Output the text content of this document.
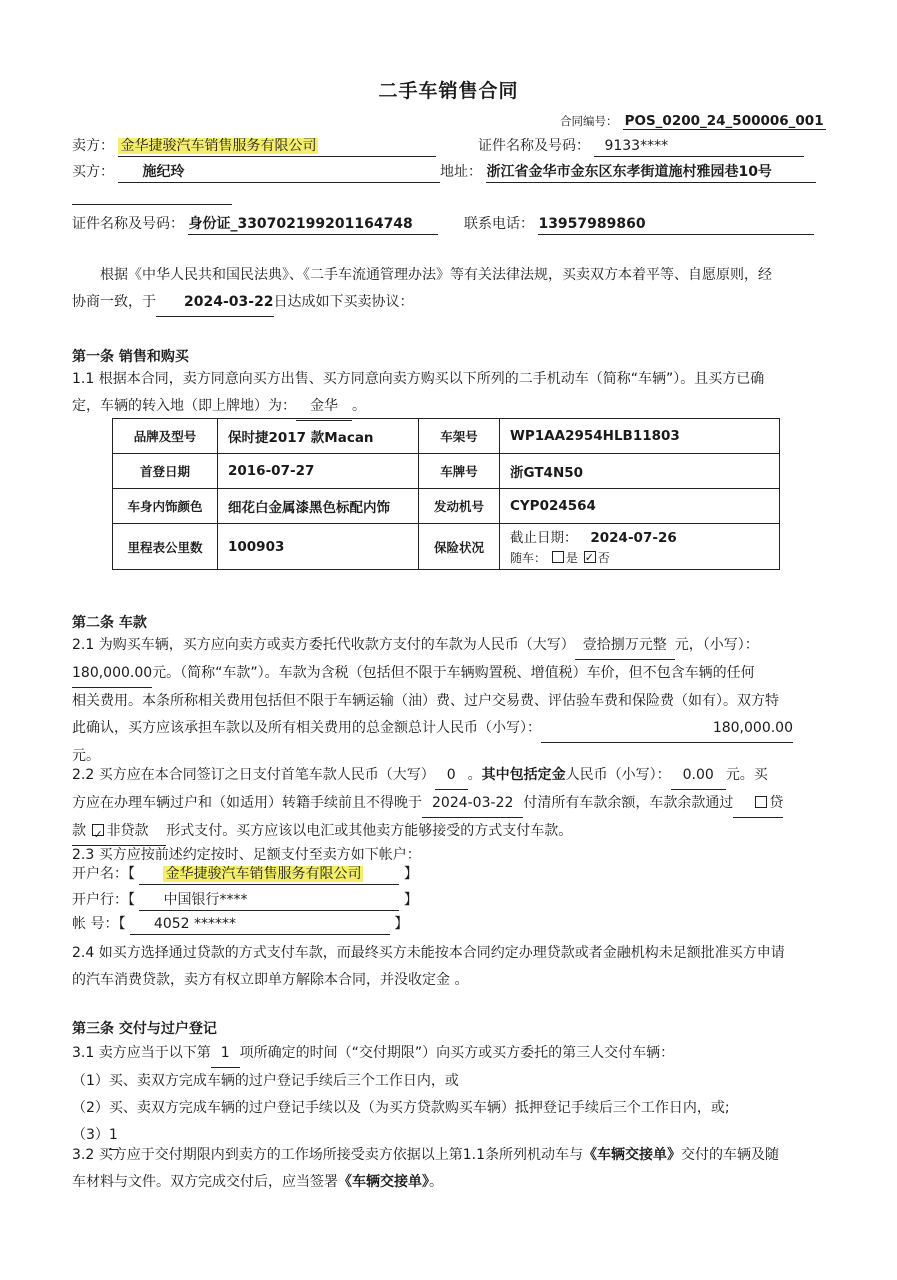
二手车销售合同
合同编号： POS_0200_24_500006_001
卖方： 金华捷骏汽车销售服务有限公司	证件名称及号码： 9133****
买方： 施纪玲	地址： 浙江省金华市金东区东孝街道施村雅园巷10号
证件名称及号码： 身份证_330702199201164748	联系电话： 13957989860
根据《中华人民共和国民法典》、《二手车流通管理办法》等有关法律法规，买卖双方本着平等、自愿原则，经
协商一致，于 2024-03-22日达成如下买卖协议：
第一条 销售和购买
1.1 根据本合同，卖方同意向买方出售、买方同意向卖方购买以下所列的二手机动车（简称“车辆”）。且买方已确
定，车辆的转入地（即上牌地）为： 金华 。
品牌及型号	保时捷2017 款Macan	车架号	WP1AA2954HLB11803
首登日期	2016-07-27	车牌号	浙GT4N50
车身内饰颜色	细花白金属漆黑色标配内饰	发动机号	CYP024564
里程表公里数	100903	保险状况	截止日期： 2024-07-26
随车： 是 ✓ 否
第二条 车款
2.1 为购买车辆，买方应向卖方或卖方委托代收款方支付的车款为人民币（大写） 壹拾捌万元整 元，（小写）：
180,000.00元。（简称“车款”）。车款为含税（包括但不限于车辆购置税、增值税）车价，但不包含车辆的任何
相关费用。本条所称相关费用包括但不限于车辆运输（油）费、过户交易费、评估验车费和保险费（如有）。双方特
此确认，买方应该承担车款以及所有相关费用的总金额总计人民币（小写）：	180,000.00
元。
2.2 买方应在本合同签订之日支付首笔车款人民币（大写） 0 。其中包括定金人民币（小写）： 0.00 元。买
方应在办理车辆过户和（如适用）转籍手续前且不得晚于 2024-03-22 付清所有车款余额，车款余款通过	贷
款 ✓ 非贷款 形式支付。买方应该以电汇或其他卖方能够接受的方式支付车款。
2.3 买方应按前述约定按时、足额支付至卖方如下帐户：
开户名：【 金华捷骏汽车销售服务有限公司	】
开户行：【 中国银行****	】
帐 号：【 4052 ******	】
2.4 如买方选择通过贷款的方式支付车款，而最终买方未能按本合同约定办理贷款或者金融机构未足额批准买方申请
的汽车消费贷款，卖方有权立即单方解除本合同，并没收定金 。
第三条 交付与过户登记
3.1 卖方应当于以下第 1 项所确定的时间（“交付期限”）向买方或买方委托的第三人交付车辆：
（1）买、卖双方完成车辆的过户登记手续后三个工作日内，或
（2）买、卖双方完成车辆的过户登记手续以及（为买方贷款购买车辆）抵押登记手续后三个工作日内，或;
（3）1
3.2 买方应于交付期限内到卖方的工作场所接受卖方依据以上第1.1条所列机动车与《车辆交接单》交付的车辆及随
车材料与文件。双方完成交付后，应当签署《车辆交接单》。
